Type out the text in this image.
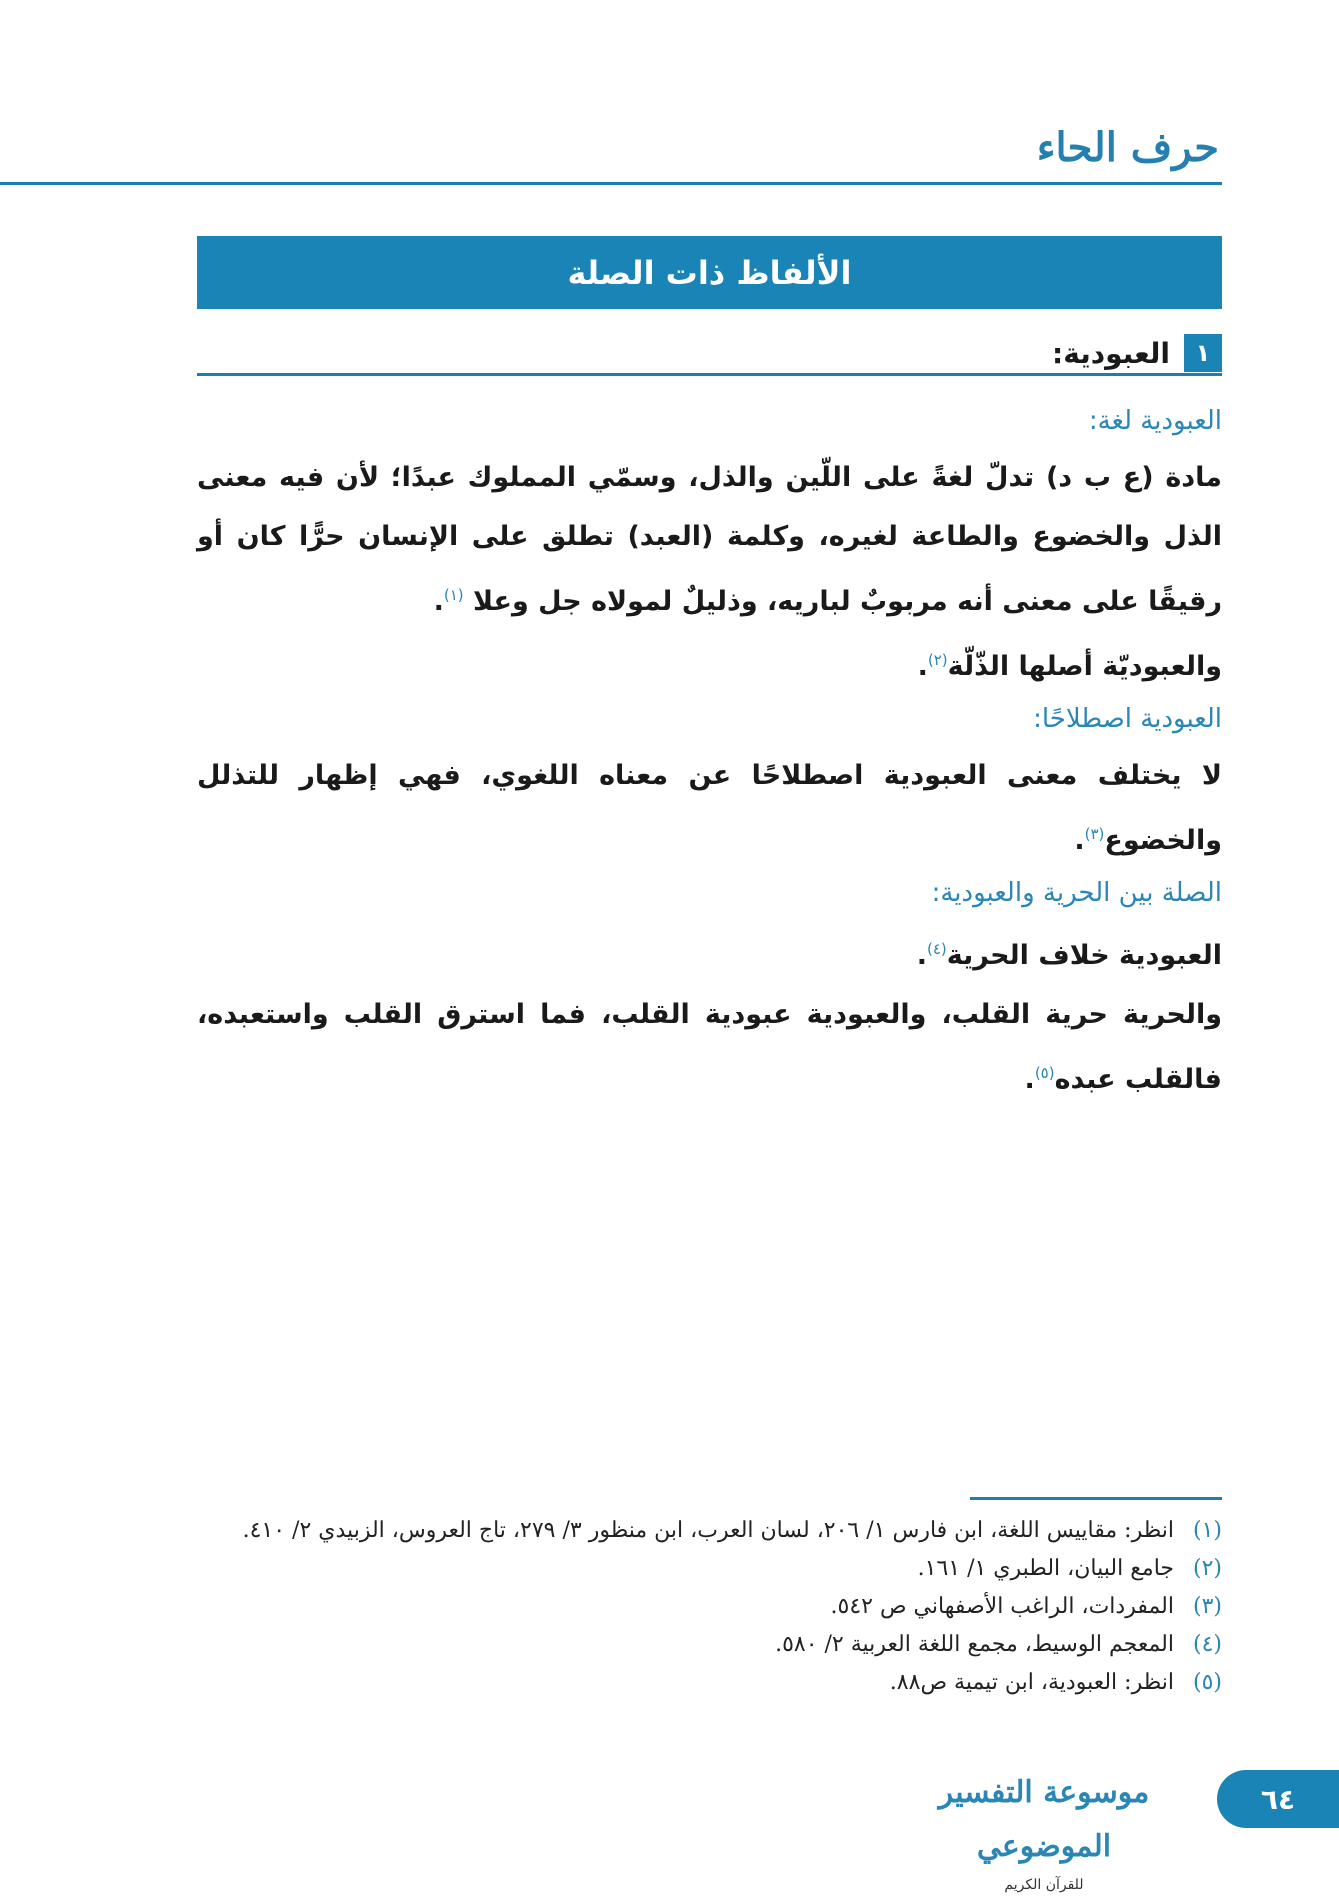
حرف الحاء
الألفاظ ذات الصلة
١
العبودية:
العبودية لغة:

مادة (ع ب د) تدلّ لغةً على اللّين والذل، وسمّي المملوك عبدًا؛ لأن فيه معنى الذل والخضوع والطاعة لغيره، وكلمة (العبد) تطلق على الإنسان حرًّا كان أو رقيقًا على معنى أنه مربوبٌ لباريه، وذليلٌ لمولاه جل وعلا $^{(١)}$.

والعبوديّة أصلها الذّلّة$^{(٢)}$.

العبودية اصطلاحًا:

لا يختلف معنى العبودية اصطلاحًا عن معناه اللغوي، فهي إظهار للتذلل والخضوع$^{(٣)}$.

الصلة بين الحرية والعبودية:

العبودية خلاف الحرية$^{(٤)}$.

والحرية حرية القلب، والعبودية عبودية القلب، فما استرق القلب واستعبده، فالقلب عبده$^{(٥)}$.

(١)
انظر: مقاييس اللغة، ابن فارس ١/ ٢٠٦، لسان العرب، ابن منظور ٣/ ٢٧٩، تاج العروس، الزبيدي ٢/ ٤١٠.
(٢)
جامع البيان، الطبري ١/ ١٦١.
(٣)
المفردات، الراغب الأصفهاني ص ٥٤٢.
(٤)
المعجم الوسيط، مجمع اللغة العربية ٢/ ٥٨٠.
(٥)
انظر: العبودية، ابن تيمية ص٨٨.
موسوعة التفسير الموضوعي
للقرآن الكريم
٦٤
